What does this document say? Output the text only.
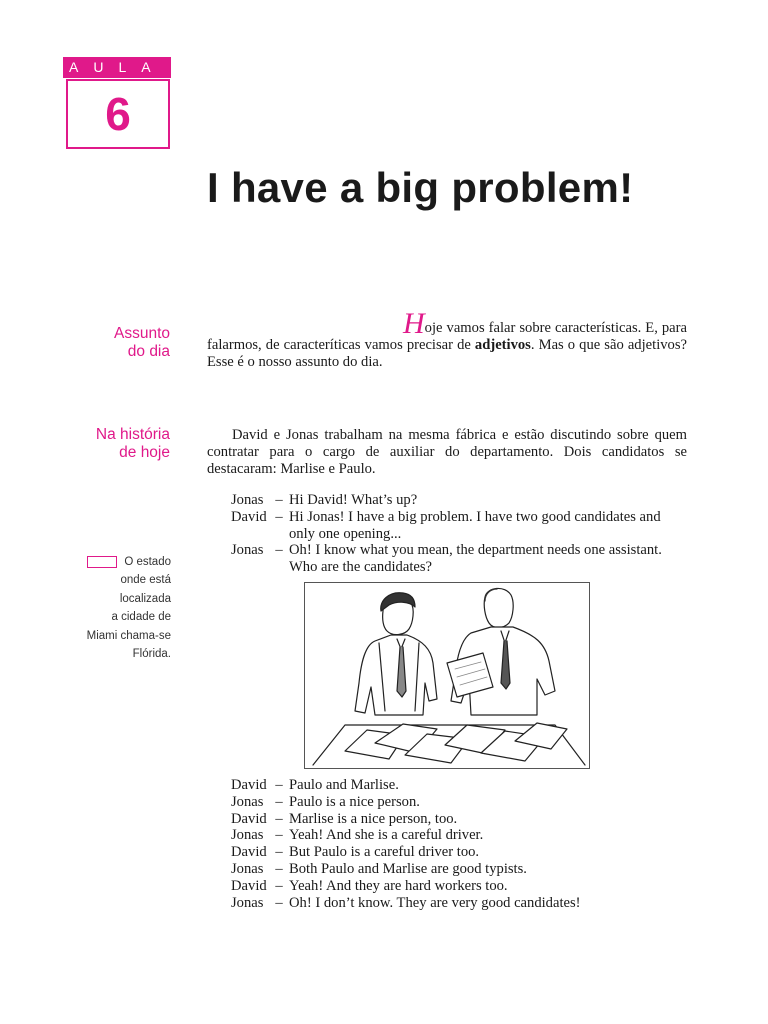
AULA
6
I have a big problem!
Assunto
do dia

Hoje vamos falar sobre características. E, para falarmos, de caracteríticas vamos precisar de adjetivos. Mas o que são adjetivos? Esse é o nosso assunto do dia.

Na história
de hoje

David e Jonas trabalham na mesma fábrica e estão discutindo sobre quem contratar para o cargo de auxiliar do departamento. Dois candidatos se destacaram: Marlise e Paulo.

O estado
onde está
localizada
a cidade de
Miami chama-se
Flórida.
Jonas – Hi David! What’s up?
David – Hi Jonas! I have a big problem. I have two good candidates and
only one opening...
Jonas – Oh! I know what you mean, the department needs one assistant.
Who are the candidates?
David – Paulo and Marlise.
Jonas – Paulo is a nice person.
David – Marlise is a nice person, too.
Jonas – Yeah! And she is a careful driver.
David – But Paulo is a careful driver too.
Jonas – Both Paulo and Marlise are good typists.
David – Yeah! And they are hard workers too.
Jonas – Oh! I don’t know. They are very good candidates!
